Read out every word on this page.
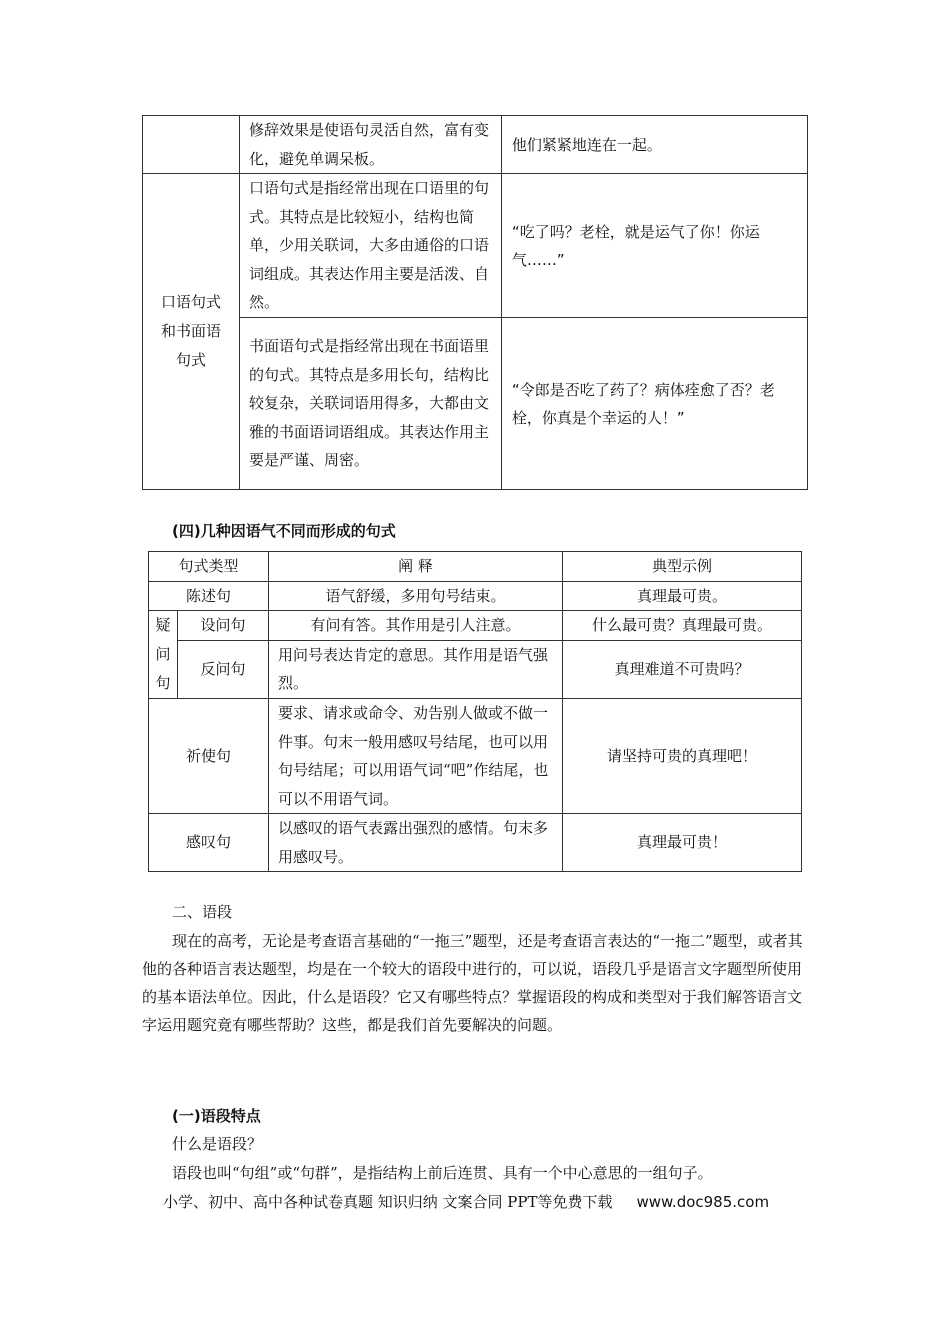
	修辞效果是使语句灵活自然，富有变化，避免单调呆板。	他们紧紧地连在一起。

口语句式和书面语句式	口语句式是指经常出现在口语里的句式。其特点是比较短小，结构也简单，少用关联词，大多由通俗的口语词组成。其表达作用主要是活泼、自然。	“吃了吗？老栓，就是运气了你！你运气……”
	书面语句式是指经常出现在书面语里的句式。其特点是多用长句，结构比较复杂，关联词语用得多，大都由文雅的书面语词语组成。其表达作用主要是严谨、周密。	“令郎是否吃了药了？病体痊愈了否？老栓，你真是个幸运的人！”
(四)几种因语气不同而形成的句式
句式类型		阐 释	典型示例
陈述句		语气舒缓，多用句号结束。	真理最可贵。

疑问句	设问句	有问有答。其作用是引人注意。	什么最可贵？真理最可贵。
	反问句	用问号表达肯定的意思。其作用是语气强烈。	真理难道不可贵吗？
祈使句		要求、请求或命令、劝告别人做或不做一件事。句末一般用感叹号结尾，也可以用句号结尾；可以用语气词“吧”作结尾，也可以不用语气词。	请坚持可贵的真理吧！
感叹句		以感叹的语气表露出强烈的感情。句末多用感叹号。	真理最可贵！
二、语段
现在的高考，无论是考查语言基础的“一拖三”题型，还是考查语言表达的“一拖二”题型，或者其他的各种语言表达题型，均是在一个较大的语段中进行的，可以说，语段几乎是语言文字题型所使用的基本语法单位。因此，什么是语段？它又有哪些特点？掌握语段的构成和类型对于我们解答语言文字运用题究竟有哪些帮助？这些，都是我们首先要解决的问题。
(一)语段特点
什么是语段？
语段也叫“句组”或“句群”，是指结构上前后连贯、具有一个中心意思的一组句子。
小学、初中、高中各种试卷真题 知识归纳 文案合同 PPT等免费下载 www.doc985.com
